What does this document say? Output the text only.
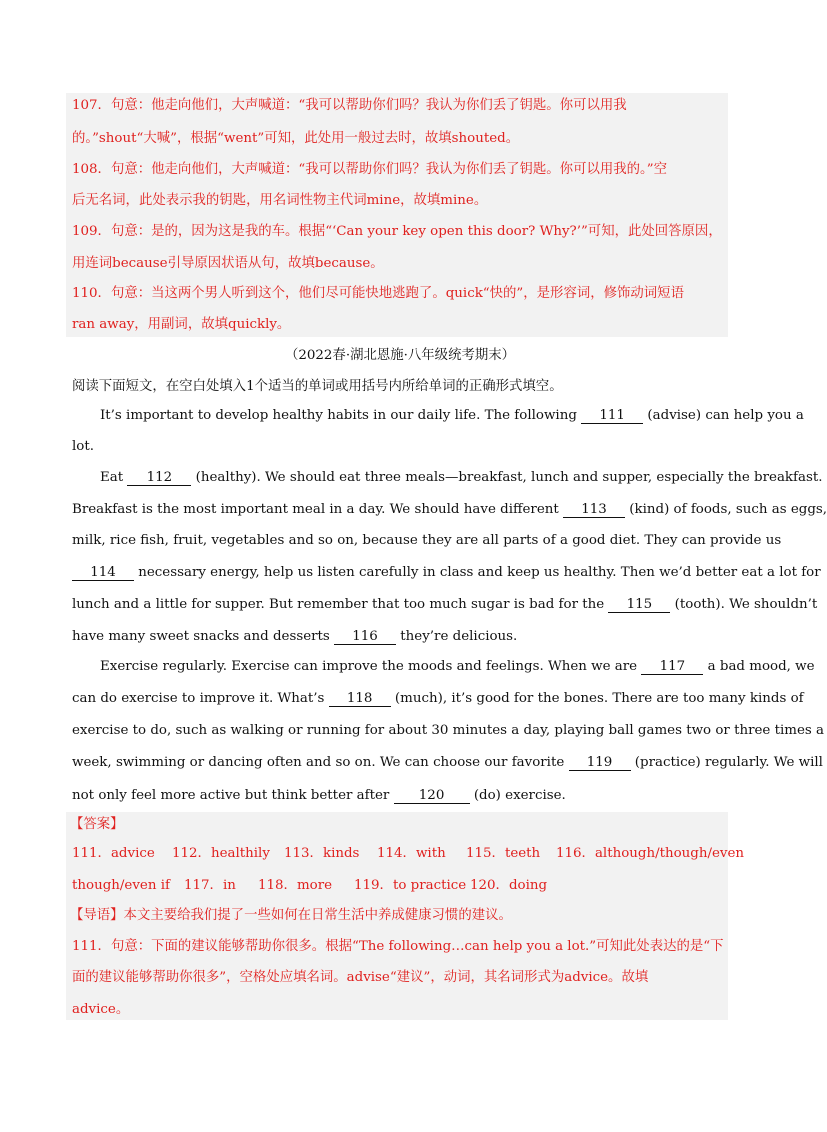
107．句意：他走向他们，大声喊道：“我可以帮助你们吗？我认为你们丢了钥匙。你可以用我
的。”shout“大喊”，根据“went”可知，此处用一般过去时，故填shouted。
108．句意：他走向他们，大声喊道：“我可以帮助你们吗？我认为你们丢了钥匙。你可以用我的。”空
后无名词，此处表示我的钥匙，用名词性物主代词mine，故填mine。
109．句意：是的，因为这是我的车。根据“‘Can your key open this door? Why?’”可知，此处回答原因，
用连词because引导原因状语从句，故填because。
110．句意：当这两个男人听到这个，他们尽可能快地逃跑了。quick“快的”，是形容词，修饰动词短语
ran away，用副词，故填quickly。
（2022春·湖北恩施·八年级统考期末）
阅读下面短文，在空白处填入1个适当的单词或用括号内所给单词的正确形式填空。
It’s important to develop healthy habits in our daily life. The following 111 (advise) can help you a
lot.
Eat 112 (healthy). We should eat three meals—breakfast, lunch and supper, especially the breakfast.
Breakfast is the most important meal in a day. We should have different 113 (kind) of foods, such as eggs,
milk, rice fish, fruit, vegetables and so on, because they are all parts of a good diet. They can provide us
114 necessary energy, help us listen carefully in class and keep us healthy. Then we’d better eat a lot for
lunch and a little for supper. But remember that too much sugar is bad for the 115 (tooth). We shouldn’t
have many sweet snacks and desserts 116 they’re delicious.
Exercise regularly. Exercise can improve the moods and feelings. When we are 117 a bad mood, we
can do exercise to improve it. What’s 118 (much), it’s good for the bones. There are too many kinds of
exercise to do, such as walking or running for about 30 minutes a day, playing ball games two or three times a
week, swimming or dancing often and so on. We can choose our favorite 119 (practice) regularly. We will
not only feel more active but think better after 120 (do) exercise.
【答案】
111．advice 112．healthily 113．kinds 114．with 115．teeth 116．although/though/even
though/even if 117．in 118．more 119．to practice 120．doing
【导语】本文主要给我们提了一些如何在日常生活中养成健康习惯的建议。
111．句意：下面的建议能够帮助你很多。根据“The following…can help you a lot.”可知此处表达的是“下
面的建议能够帮助你很多”，空格处应填名词。advise“建议”，动词，其名词形式为advice。故填
advice。
